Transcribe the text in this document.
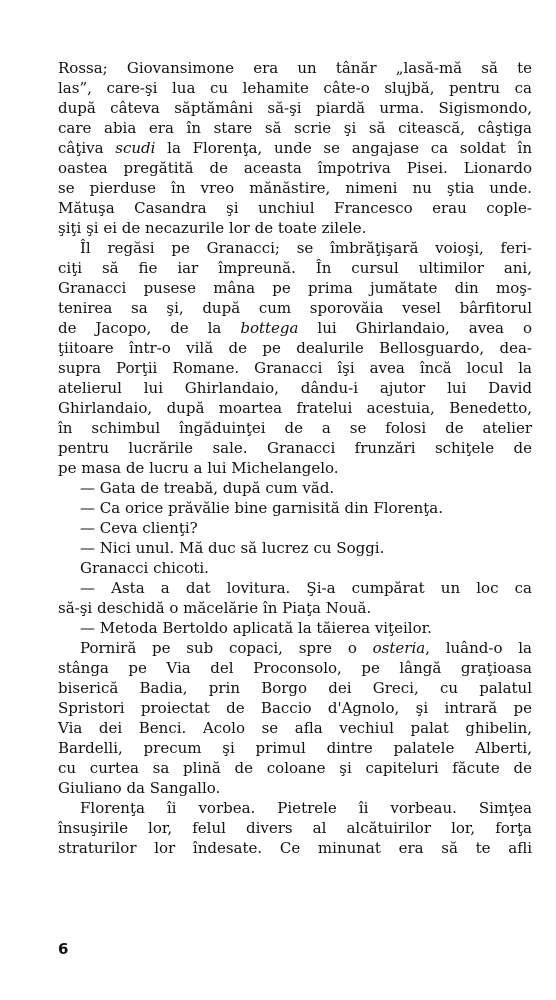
Rossa; Giovansimone era un tânăr „lasă-mă să te
las”, care-şi lua cu lehamite câte-o slujbă, pentru ca
după câteva săptămâni să-şi piardă urma. Sigismondo,
care abia era în stare să scrie şi să citească, câştiga
câţiva scudi la Florenţa, unde se angajase ca soldat în
oastea pregătită de aceasta împotriva Pisei. Lionardo
se pierduse în vreo mănăstire, nimeni nu ştia unde.
Mătuşa Casandra şi unchiul Francesco erau cople-
şiţi şi ei de necazurile lor de toate zilele.
Îl regăsi pe Granacci; se îmbrăţişară voioşi, feri-
ciţi să fie iar împreună. În cursul ultimilor ani,
Granacci pusese mâna pe prima jumătate din moş-
tenirea sa şi, după cum sporovăia vesel bârfitorul
de Jacopo, de la bottega lui Ghirlandaio, avea o
ţiitoare într-o vilă de pe dealurile Bellosguardo, dea-
supra Porţii Romane. Granacci îşi avea încă locul la
atelierul lui Ghirlandaio, dându-i ajutor lui David
Ghirlandaio, după moartea fratelui acestuia, Benedetto,
în schimbul îngăduinţei de a se folosi de atelier
pentru lucrările sale. Granacci frunzări schiţele de
pe masa de lucru a lui Michelangelo.
— Gata de treabă, după cum văd.
— Ca orice prăvălie bine garnisită din Florenţa.
— Ceva clienţi?
— Nici unul. Mă duc să lucrez cu Soggi.
Granacci chicoti.
— Asta a dat lovitura. Şi-a cumpărat un loc ca
să-şi deschidă o măcelărie în Piaţa Nouă.
— Metoda Bertoldo aplicată la tăierea viţeilor.
Porniră pe sub copaci, spre o osteria, luând-o la
stânga pe Via del Proconsolo, pe lângă graţioasa
biserică Badia, prin Borgo dei Greci, cu palatul
Spristori proiectat de Baccio d'Agnolo, şi intrară pe
Via dei Benci. Acolo se afla vechiul palat ghibelin,
Bardelli, precum şi primul dintre palatele Alberti,
cu curtea sa plină de coloane şi capiteluri făcute de
Giuliano da Sangallo.
Florenţa îi vorbea. Pietrele îi vorbeau. Simţea
însuşirile lor, felul divers al alcătuirilor lor, forţa
straturilor lor îndesate. Ce minunat era să te afli
6
